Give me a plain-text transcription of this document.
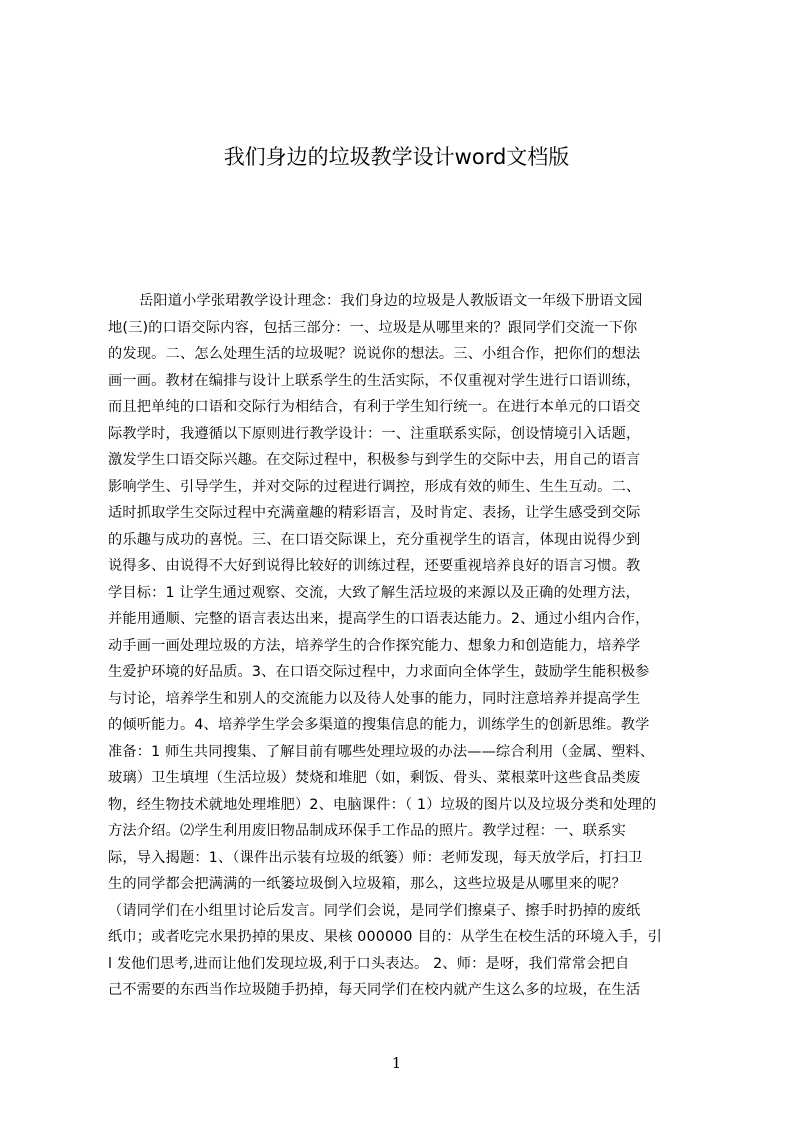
我们身边的垃圾教学设计word文档版
岳阳道小学张珺教学设计理念：我们身边的垃圾是人教版语文一年级下册语文园
地(三)的口语交际内容，包括三部分：一、垃圾是从哪里来的？跟同学们交流一下你
的发现。二、怎么处理生活的垃圾呢？说说你的想法。三、小组合作，把你们的想法
画一画。教材在编排与设计上联系学生的生活实际，不仅重视对学生进行口语训练，
而且把单纯的口语和交际行为相结合，有利于学生知行统一。在进行本单元的口语交
际教学时，我遵循以下原则进行教学设计：一、注重联系实际，创设情境引入话题，
激发学生口语交际兴趣。在交际过程中，积极参与到学生的交际中去，用自己的语言
影响学生、引导学生，并对交际的过程进行调控，形成有效的师生、生生互动。二、
适时抓取学生交际过程中充满童趣的精彩语言，及时肯定、表扬，让学生感受到交际
的乐趣与成功的喜悦。三、在口语交际课上，充分重视学生的语言，体现由说得少到
说得多、由说得不大好到说得比较好的训练过程，还要重视培养良好的语言习惯。教
学目标：1 让学生通过观察、交流，大致了解生活垃圾的来源以及正确的处理方法，
并能用通顺、完整的语言表达出来，提高学生的口语表达能力。2、通过小组内合作，
动手画一画处理垃圾的方法，培养学生的合作探究能力、想象力和创造能力，培养学
生爱护环境的好品质。3、在口语交际过程中，力求面向全体学生，鼓励学生能积极参
与讨论，培养学生和别人的交流能力以及待人处事的能力，同时注意培养并提高学生
的倾听能力。4、培养学生学会多渠道的搜集信息的能力，训练学生的创新思维。教学
准备：1 师生共同搜集、了解目前有哪些处理垃圾的办法——综合利用（金属、塑料、
玻璃）卫生填埋（生活垃圾）焚烧和堆肥（如，剩饭、骨头、菜根菜叶这些食品类废
物，经生物技术就地处理堆肥）2、电脑课件：（ 1）垃圾的图片以及垃圾分类和处理的
方法介绍。⑵学生利用废旧物品制成环保手工作品的照片。教学过程：一、联系实
际，导入揭题：1、（课件出示装有垃圾的纸篓）师：老师发现，每天放学后，打扫卫
生的同学都会把满满的一纸篓垃圾倒入垃圾箱，那么，这些垃圾是从哪里来的呢？
（请同学们在小组里讨论后发言。同学们会说，是同学们擦桌子、擦手时扔掉的废纸
纸巾；或者吃完水果扔掉的果皮、果核 000000 目的：从学生在校生活的环境入手，引
l 发他们思考,进而让他们发现垃圾,利于口头表达。 2、师：是呀，我们常常会把自
己不需要的东西当作垃圾随手扔掉，每天同学们在校内就产生这么多的垃圾，在生活
1
